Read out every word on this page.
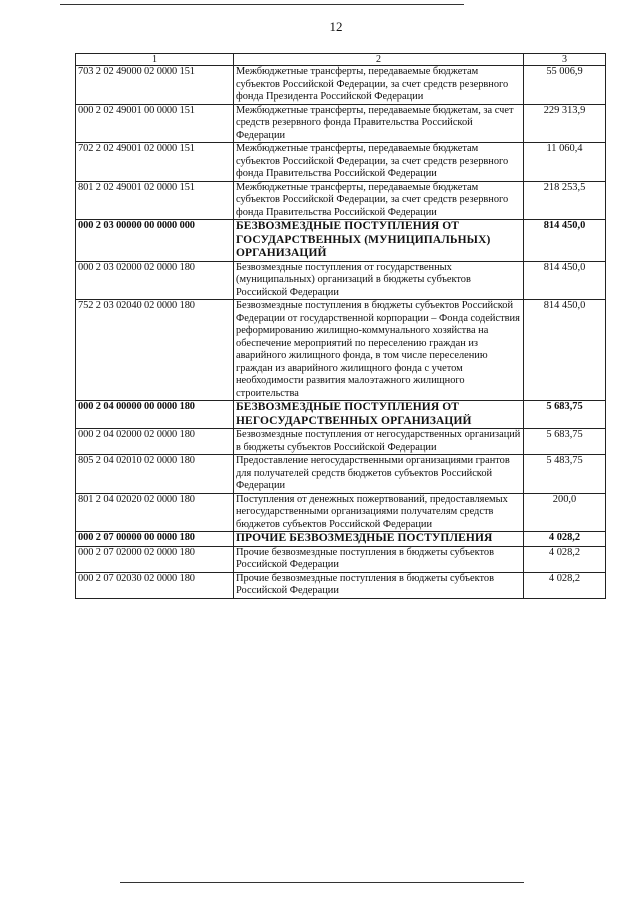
12
1	2	3
703 2 02 49000 02 0000 151	Межбюджетные трансферты, передаваемые бюджетам субъектов Российской Федерации, за счет средств резервного фонда Президента Российской Федерации	55 006,9
000 2 02 49001 00 0000 151	Межбюджетные трансферты, передаваемые бюджетам, за счет средств резервного фонда Правительства Российской Федерации	229 313,9
702 2 02 49001 02 0000 151	Межбюджетные трансферты, передаваемые бюджетам субъектов Российской Федерации, за счет средств резервного фонда Правительства Российской Федерации	11 060,4
801 2 02 49001 02 0000 151	Межбюджетные трансферты, передаваемые бюджетам субъектов Российской Федерации, за счет средств резервного фонда Правительства Российской Федерации	218 253,5
000 2 03 00000 00 0000 000	БЕЗВОЗМЕЗДНЫЕ ПОСТУПЛЕНИЯ ОТ ГОСУДАРСТВЕННЫХ (МУНИЦИПАЛЬНЫХ) ОРГАНИЗАЦИЙ	814 450,0
000 2 03 02000 02 0000 180	Безвозмездные поступления от государственных (муниципальных) организаций в бюджеты субъектов Российской Федерации	814 450,0
752 2 03 02040 02 0000 180	Безвозмездные поступления в бюджеты субъектов Российской Федерации от государственной корпорации – Фонда содействия реформированию жилищно-коммунального хозяйства на обеспечение мероприятий по переселению граждан из аварийного жилищного фонда, в том числе переселению граждан из аварийного жилищного фонда с учетом необходимости развития малоэтажного жилищного строительства	814 450,0
000 2 04 00000 00 0000 180	БЕЗВОЗМЕЗДНЫЕ ПОСТУПЛЕНИЯ ОТ НЕГОСУДАРСТВЕННЫХ ОРГАНИЗАЦИЙ	5 683,75
000 2 04 02000 02 0000 180	Безвозмездные поступления от негосударственных организаций в бюджеты субъектов Российской Федерации	5 683,75
805 2 04 02010 02 0000 180	Предоставление негосударственными организациями грантов для получателей средств бюджетов субъектов Российской Федерации	5 483,75
801 2 04 02020 02 0000 180	Поступления от денежных пожертвований, предоставляемых негосударственными организациями получателям средств бюджетов субъектов Российской Федерации	200,0
000 2 07 00000 00 0000 180	ПРОЧИЕ БЕЗВОЗМЕЗДНЫЕ ПОСТУПЛЕНИЯ	4 028,2
000 2 07 02000 02 0000 180	Прочие безвозмездные поступления в бюджеты субъектов Российской Федерации	4 028,2
000 2 07 02030 02 0000 180	Прочие безвозмездные поступления в бюджеты субъектов Российской Федерации	4 028,2
